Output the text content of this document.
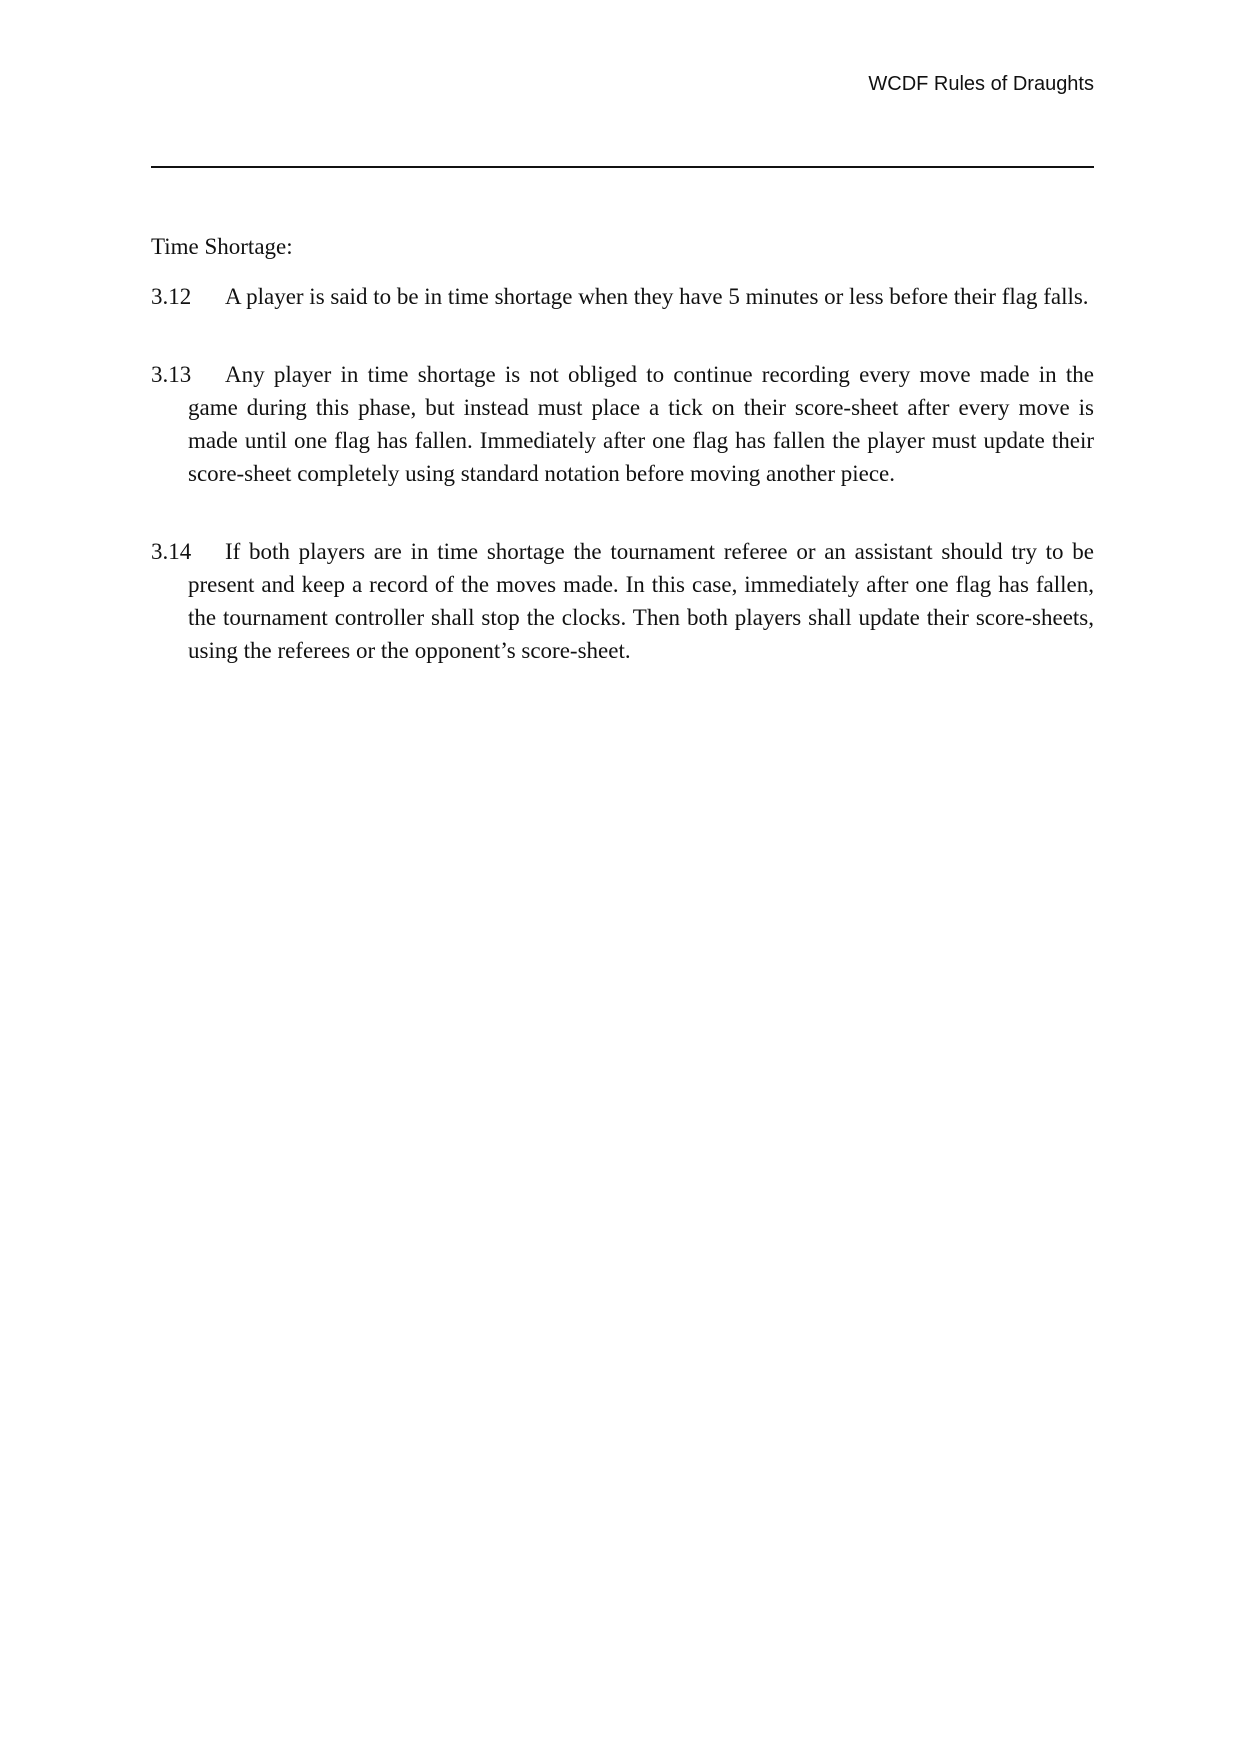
WCDF Rules of Draughts

Time Shortage:

3.12 A player is said to be in time shortage when they have 5 minutes or less before their flag falls.

3.13 Any player in time shortage is not obliged to continue recording every move made in the game during this phase, but instead must place a tick on their score-sheet after every move is made until one flag has fallen. Immediately after one flag has fallen the player must update their score-sheet completely using standard notation before moving another piece.

3.14 If both players are in time shortage the tournament referee or an assistant should try to be present and keep a record of the moves made. In this case, immediately after one flag has fallen, the tournament controller shall stop the clocks. Then both players shall update their score-sheets, using the referees or the opponent’s score-sheet.
